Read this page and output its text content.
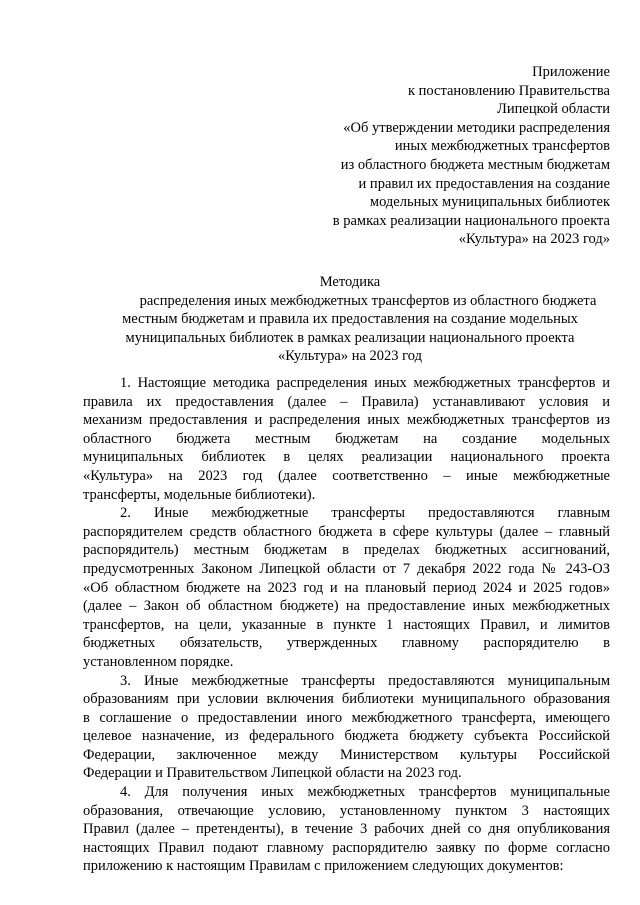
Приложение
к постановлению Правительства
Липецкой области
«Об утверждении методики распределения
иных межбюджетных трансфертов
из областного бюджета местным бюджетам
и правил их предоставления на создание
модельных муниципальных библиотек
в рамках реализации национального проекта
«Культура» на 2023 год»
Методика
распределения иных межбюджетных трансфертов из областного бюджета
местным бюджетам и правила их предоставления на создание модельных
муниципальных библиотек в рамках реализации национального проекта
«Культура» на 2023 год
1. Настоящие методика распределения иных межбюджетных трансфертов и
правила их предоставления (далее – Правила) устанавливают условия и
механизм предоставления и распределения иных межбюджетных трансфертов из
областного бюджета местным бюджетам на создание модельных
муниципальных библиотек в целях реализации национального проекта
«Культура» на 2023 год (далее соответственно – иные межбюджетные
трансферты, модельные библиотеки).
2. Иные межбюджетные трансферты предоставляются главным
распорядителем средств областного бюджета в сфере культуры (далее – главный
распорядитель) местным бюджетам в пределах бюджетных ассигнований,
предусмотренных Законом Липецкой области от 7 декабря 2022 года № 243-ОЗ
«Об областном бюджете на 2023 год и на плановый период 2024 и 2025 годов»
(далее – Закон об областном бюджете) на предоставление иных межбюджетных
трансфертов, на цели, указанные в пункте 1 настоящих Правил, и лимитов
бюджетных обязательств, утвержденных главному распорядителю в
установленном порядке.
3. Иные межбюджетные трансферты предоставляются муниципальным
образованиям при условии включения библиотеки муниципального образования
в соглашение о предоставлении иного межбюджетного трансферта, имеющего
целевое назначение, из федерального бюджета бюджету субъекта Российской
Федерации, заключенное между Министерством культуры Российской
Федерации и Правительством Липецкой области на 2023 год.
4. Для получения иных межбюджетных трансфертов муниципальные
образования, отвечающие условию, установленному пунктом 3 настоящих
Правил (далее – претенденты), в течение 3 рабочих дней со дня опубликования
настоящих Правил подают главному распорядителю заявку по форме согласно
приложению к настоящим Правилам с приложением следующих документов:
